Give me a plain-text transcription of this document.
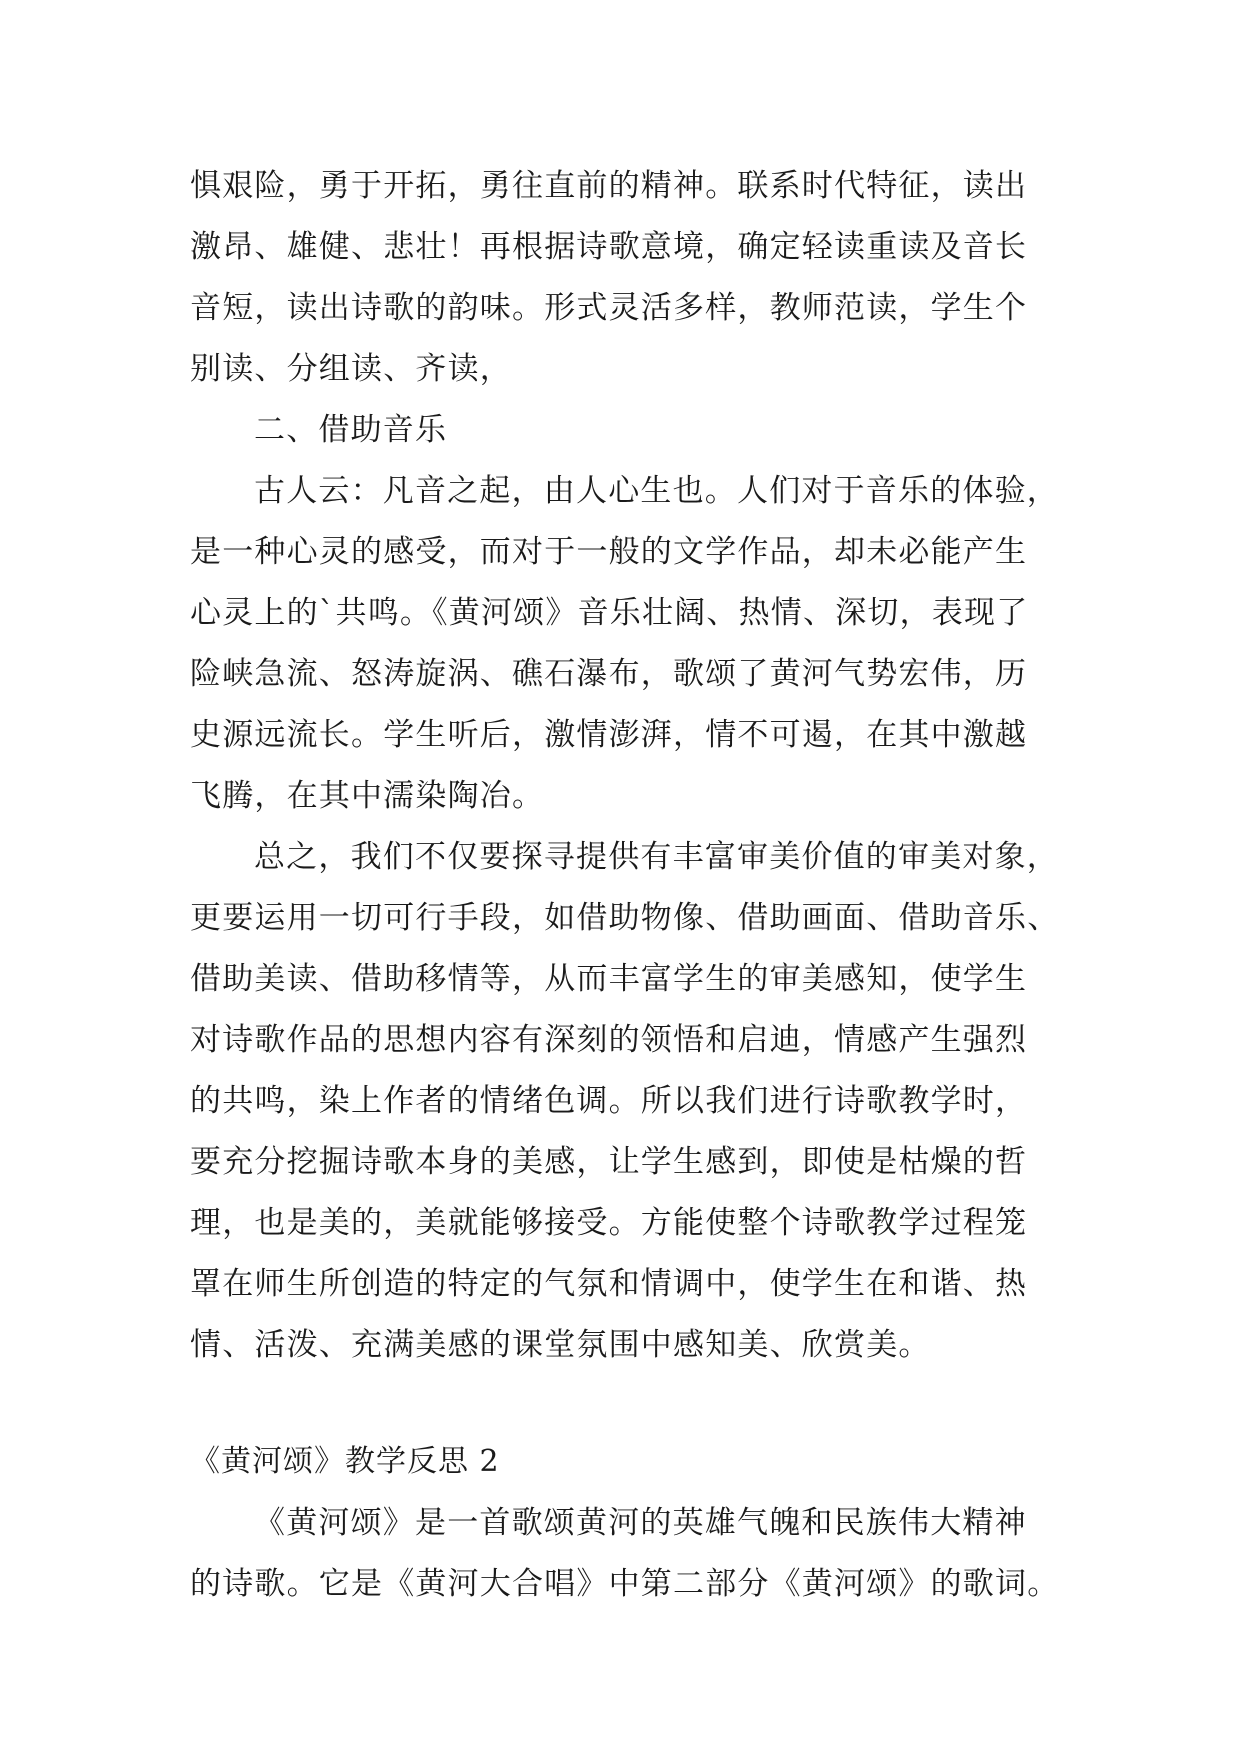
惧艰险，勇于开拓，勇往直前的精神。联系时代特征，读出
激昂、雄健、悲壮！再根据诗歌意境，确定轻读重读及音长
音短，读出诗歌的韵味。形式灵活多样，教师范读，学生个
别读、分组读、齐读，
二、借助音乐
古人云：凡音之起，由人心生也。人们对于音乐的体验，
是一种心灵的感受，而对于一般的文学作品，却未必能产生
心灵上的`共鸣。《黄河颂》音乐壮阔、热情、深切，表现了
险峡急流、怒涛旋涡、礁石瀑布，歌颂了黄河气势宏伟，历
史源远流长。学生听后，激情澎湃，情不可遏，在其中激越
飞腾，在其中濡染陶冶。
总之，我们不仅要探寻提供有丰富审美价值的审美对象，
更要运用一切可行手段，如借助物像、借助画面、借助音乐、
借助美读、借助移情等，从而丰富学生的审美感知，使学生
对诗歌作品的思想内容有深刻的领悟和启迪，情感产生强烈
的共鸣，染上作者的情绪色调。所以我们进行诗歌教学时，
要充分挖掘诗歌本身的美感，让学生感到，即使是枯燥的哲
理，也是美的，美就能够接受。方能使整个诗歌教学过程笼
罩在师生所创造的特定的气氛和情调中，使学生在和谐、热
情、活泼、充满美感的课堂氛围中感知美、欣赏美。
《黄河颂》教学反思 2
《黄河颂》是一首歌颂黄河的英雄气魄和民族伟大精神
的诗歌。它是《黄河大合唱》中第二部分《黄河颂》的歌词。
